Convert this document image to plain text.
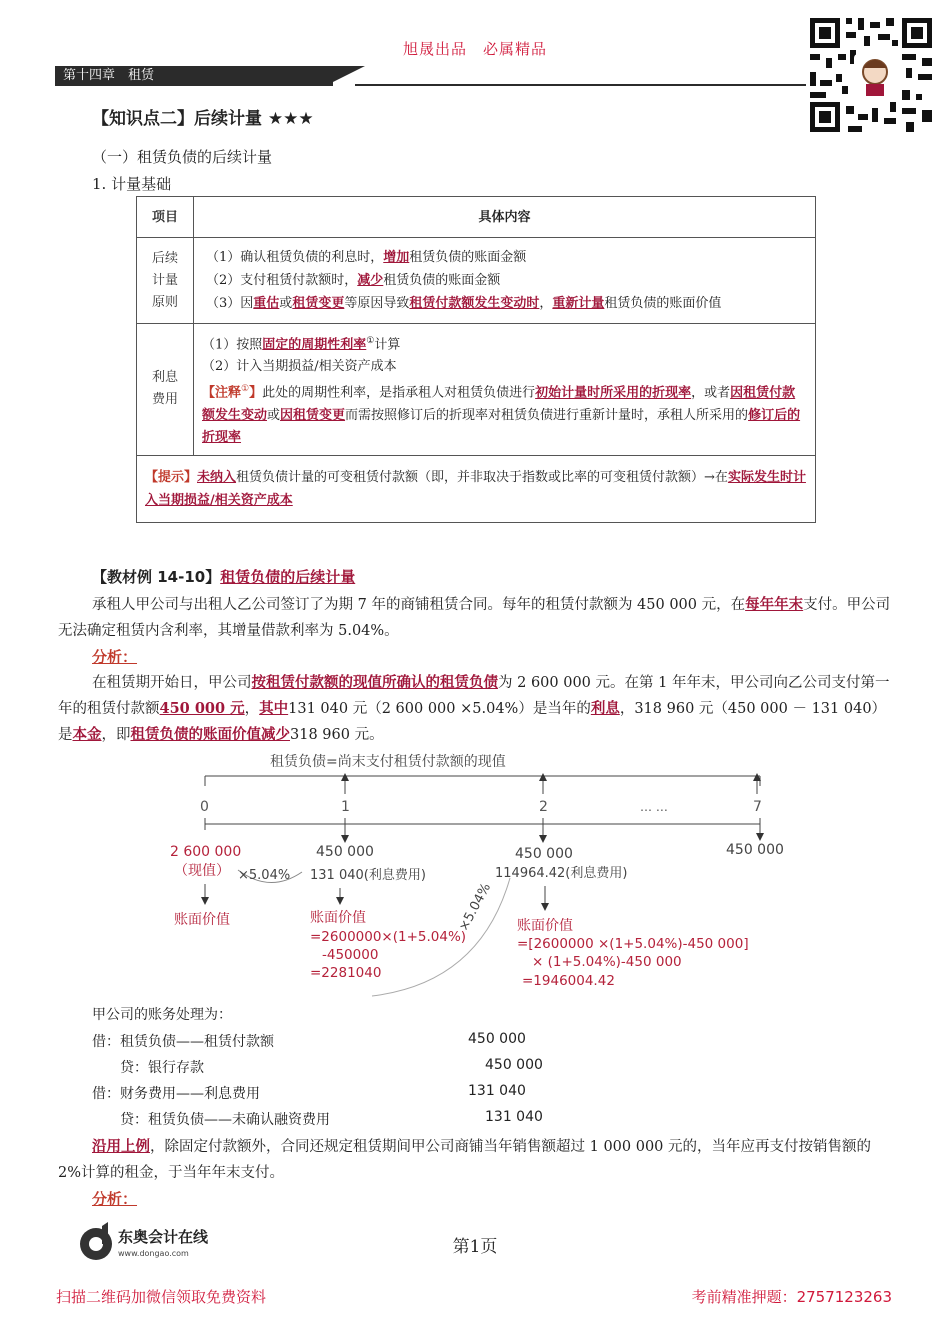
旭晟出品　必属精品
第十四章　租赁
【知识点二】后续计量 ★★★
（一）租赁负债的后续计量
1. 计量基础
项目	具体内容
后续计量原则	（1）确认租赁负债的利息时，增加租赁负债的账面金额
（2）支付租赁付款额时，减少租赁负债的账面金额
（3）因重估或租赁变更等原因导致租赁付款额发生变动时，重新计量租赁负债的账面价值

利息费用	（1）按照固定的周期性利率①计算
（2）计入当期损益/相关资产成本
【注释①】此处的周期性利率，是指承租人对租赁负债进行初始计量时所采用的折现率，或者因租赁付款额发生变动或因租赁变更而需按照修订后的折现率对租赁负债进行重新计量时，承租人所采用的修订后的折现率

【提示】未纳入租赁负债计量的可变租赁付款额（即，并非取决于指数或比率的可变租赁付款额）→在实际发生时计入当期损益/相关资产成本	
【教材例 14-10】租赁负债的后续计量
承租人甲公司与出租人乙公司签订了为期 7 年的商铺租赁合同。每年的租赁付款额为 450 000 元，在每年年末支付。甲公司无法确定租赁内含利率，其增量借款利率为 5.04%。
分析：
在租赁期开始日，甲公司按租赁付款额的现值所确认的租赁负债为 2 600 000 元。在第 1 年年末，甲公司向乙公司支付第一年的租赁付款额450 000 元，其中131 040 元（2 600 000 ×5.04%）是当年的利息，318 960 元（450 000 － 131 040）是本金，即租赁负债的账面价值减少318 960 元。
租赁负债=尚末支付租赁付款额的现值
0	1	2	… …	7
2 600 000
（现值） ×5.04%
450 000
131 040(利息费用)
450 000
114964.42(利息费用)
450 000
账面价值	账面价值
=2600000×(1+5.04%)
-450000
=2281040
×5.04% 账面价值
=[2600000 ×(1+5.04%)-450 000]
× (1+5.04%)-450 000
=1946004.42
甲公司的账务处理为：
借：租赁负债——租赁付款额	450 000
贷：银行存款	450 000
借：财务费用——利息费用	131 040
贷：租赁负债——未确认融资费用	131 040
沿用上例，除固定付款额外，合同还规定租赁期间甲公司商铺当年销售额超过 1 000 000 元的，当年应再支付按销售额的 2%计算的租金，于当年年末支付。
分析：
东奥会计在线
www.dongao.com	第1页
扫描二维码加微信领取免费资料	考前精准押题：2757123263
